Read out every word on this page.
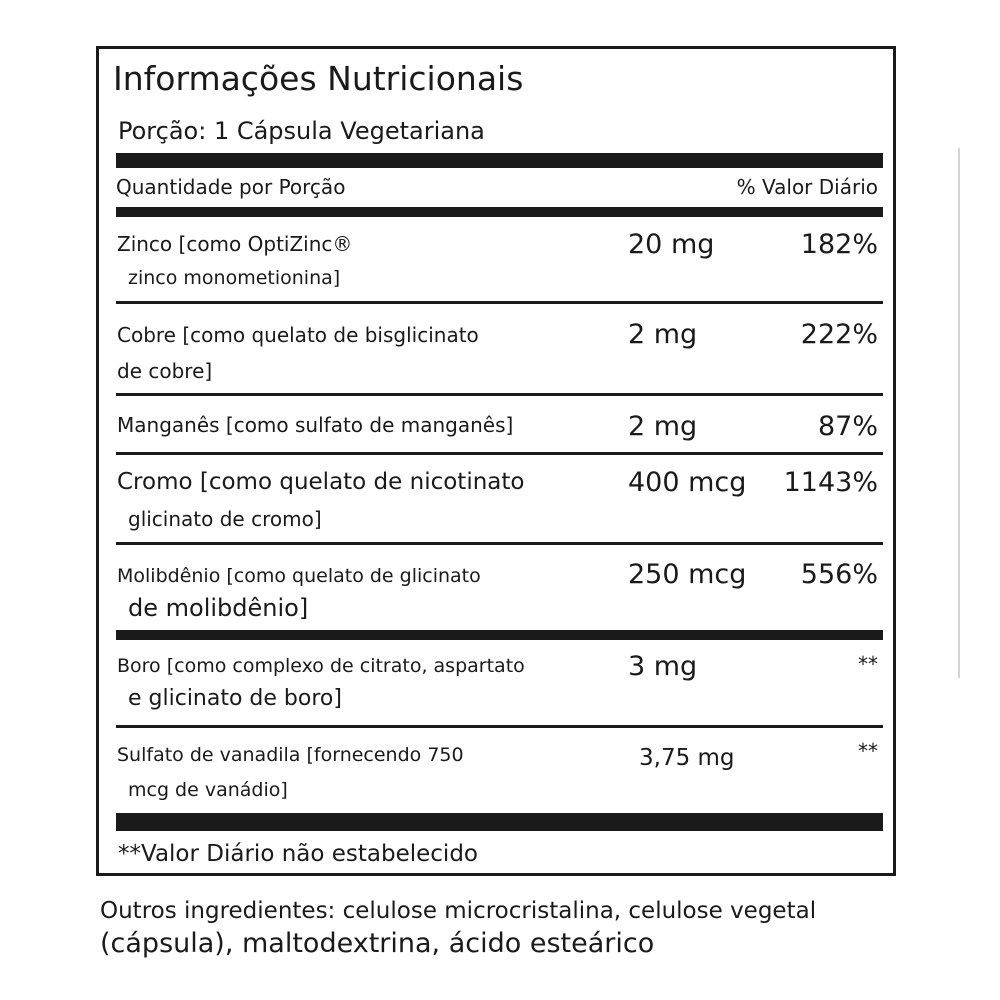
Informações Nutricionais
Porção: 1 Cápsula Vegetariana
Quantidade por Porção	% Valor Diário
Zinco [como OptiZinc®
zinco monometionina]
20 mg	182%
Cobre [como quelato de bisglicinato
de cobre]
2 mg	222%
Manganês [como sulfato de manganês]	2 mg	87%
Cromo [como quelato de nicotinato
glicinato de cromo]
400 mcg 1143%
Molibdênio [como quelato de glicinato
de molibdênio]
250 mcg 556%
Boro [como complexo de citrato, aspartato
e glicinato de boro]
3 mg	**
Sulfato de vanadila [fornecendo 750
mcg de vanádio]
3,75 mg	**
**Valor Diário não estabelecido
Outros ingredientes: celulose microcristalina, celulose vegetal
(cápsula), maltodextrina, ácido esteárico
